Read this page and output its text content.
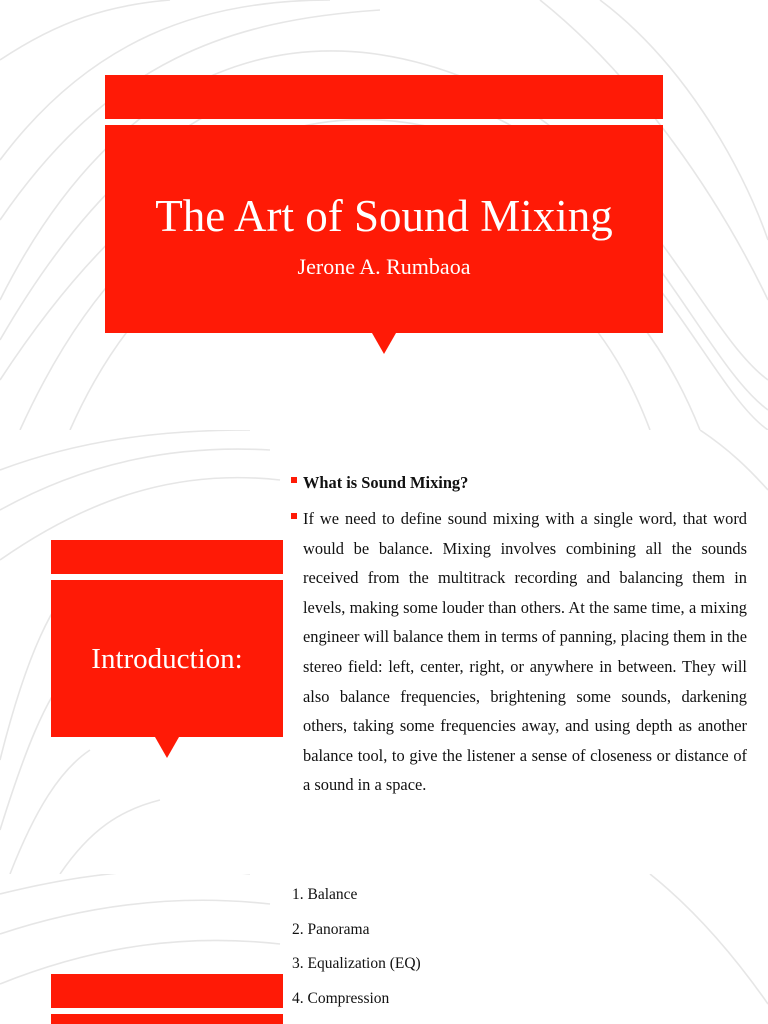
The Art of Sound Mixing
Jerone A. Rumbaoa
Introduction:
What is Sound Mixing?
If we need to define sound mixing with a single word, that word would be balance. Mixing involves combining all the sounds received from the multitrack recording and balancing them in levels, making some louder than others. At the same time, a mixing engineer will balance them in terms of panning, placing them in the stereo field: left, center, right, or anywhere in between. They will also balance frequencies, brightening some sounds, darkening others, taking some frequencies away, and using depth as another balance tool, to give the listener a sense of closeness or distance of a sound in a space.
1. Balance
2. Panorama
3. Equalization (EQ)
4. Compression
